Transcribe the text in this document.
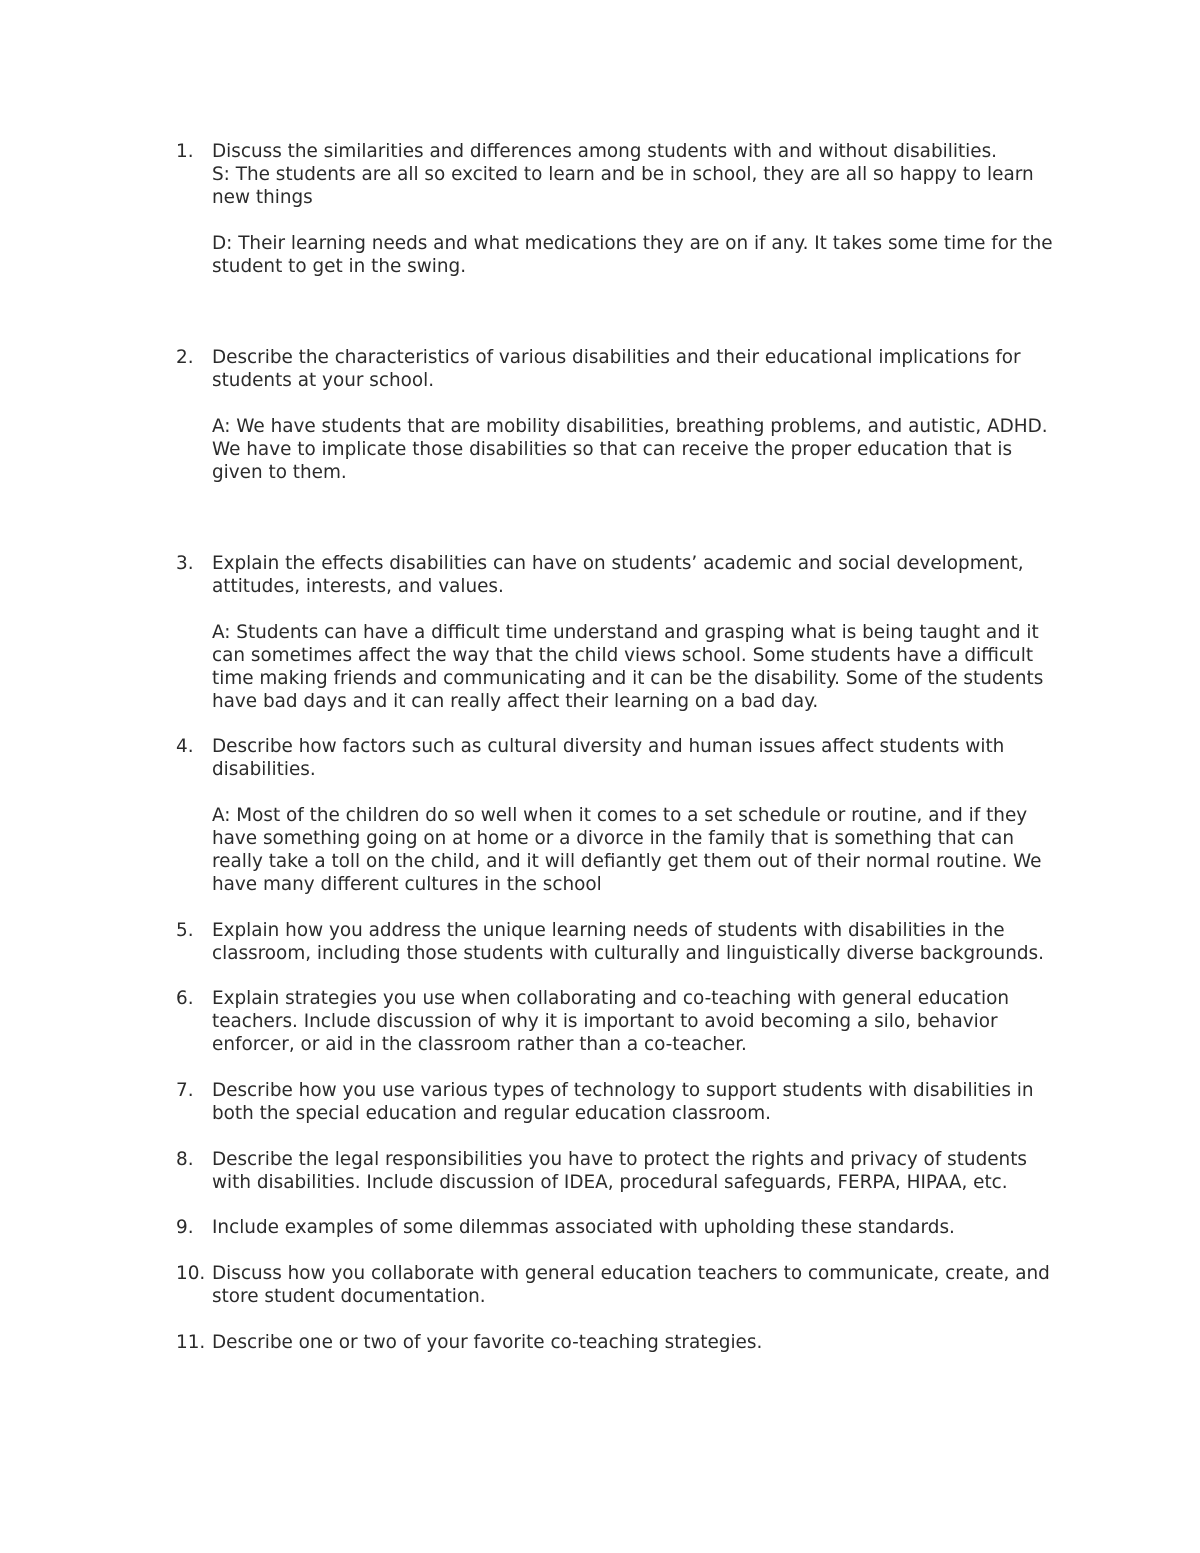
1. Discuss the similarities and differences among students with and without disabilities.

S: The students are all so excited to learn and be in school, they are all so happy to learn new things

D: Their learning needs and what medications they are on if any. It takes some time for the student to get in the swing.

2. Describe the characteristics of various disabilities and their educational implications for students at your school.

A: We have students that are mobility disabilities, breathing problems, and autistic, ADHD. We have to implicate those disabilities so that can receive the proper education that is given to them.

3. Explain the effects disabilities can have on students’ academic and social development, attitudes, interests, and values.

A: Students can have a difficult time understand and grasping what is being taught and it can sometimes affect the way that the child views school. Some students have a difficult time making friends and communicating and it can be the disability. Some of the students have bad days and it can really affect their learning on a bad day.

4. Describe how factors such as cultural diversity and human issues affect students with disabilities.

A: Most of the children do so well when it comes to a set schedule or routine, and if they have something going on at home or a divorce in the family that is something that can really take a toll on the child, and it will defiantly get them out of their normal routine. We have many different cultures in the school

5. Explain how you address the unique learning needs of students with disabilities in the classroom, including those students with culturally and linguistically diverse backgrounds.

6. Explain strategies you use when collaborating and co-teaching with general education teachers. Include discussion of why it is important to avoid becoming a silo, behavior enforcer, or aid in the classroom rather than a co-teacher.

7. Describe how you use various types of technology to support students with disabilities in both the special education and regular education classroom.

8. Describe the legal responsibilities you have to protect the rights and privacy of students with disabilities. Include discussion of IDEA, procedural safeguards, FERPA, HIPAA, etc.

9. Include examples of some dilemmas associated with upholding these standards.

10. Discuss how you collaborate with general education teachers to communicate, create, and store student documentation.

11. Describe one or two of your favorite co-teaching strategies.
